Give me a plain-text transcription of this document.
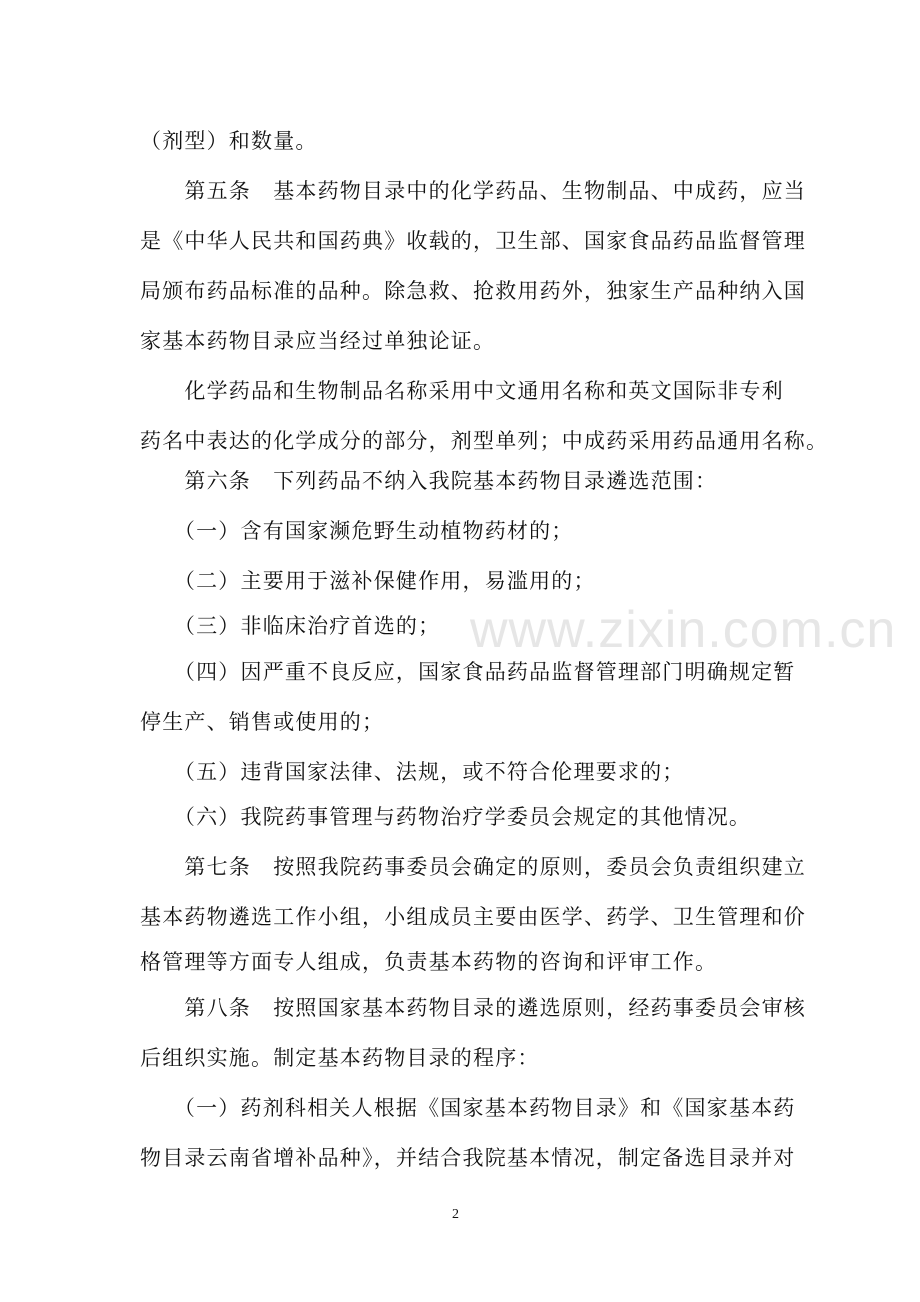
www.zixin.com.cn
（剂型）和数量。
　　第五条　基本药物目录中的化学药品、生物制品、中成药，应当
是《中华人民共和国药典》收载的，卫生部、国家食品药品监督管理
局颁布药品标准的品种。除急救、抢救用药外，独家生产品种纳入国
家基本药物目录应当经过单独论证。
　　化学药品和生物制品名称采用中文通用名称和英文国际非专利
药名中表达的化学成分的部分，剂型单列；中成药采用药品通用名称。
　　第六条　下列药品不纳入我院基本药物目录遴选范围：
　　（一）含有国家濒危野生动植物药材的；
　　（二）主要用于滋补保健作用，易滥用的；
　　（三）非临床治疗首选的；
　　（四）因严重不良反应，国家食品药品监督管理部门明确规定暂
停生产、销售或使用的；
　　（五）违背国家法律、法规，或不符合伦理要求的；
　　（六）我院药事管理与药物治疗学委员会规定的其他情况。
　　第七条　按照我院药事委员会确定的原则，委员会负责组织建立
基本药物遴选工作小组，小组成员主要由医学、药学、卫生管理和价
格管理等方面专人组成，负责基本药物的咨询和评审工作。
　　第八条　按照国家基本药物目录的遴选原则，经药事委员会审核
后组织实施。制定基本药物目录的程序：
　　（一）药剂科相关人根据《国家基本药物目录》和《国家基本药
物目录云南省增补品种》，并结合我院基本情况，制定备选目录并对
2
